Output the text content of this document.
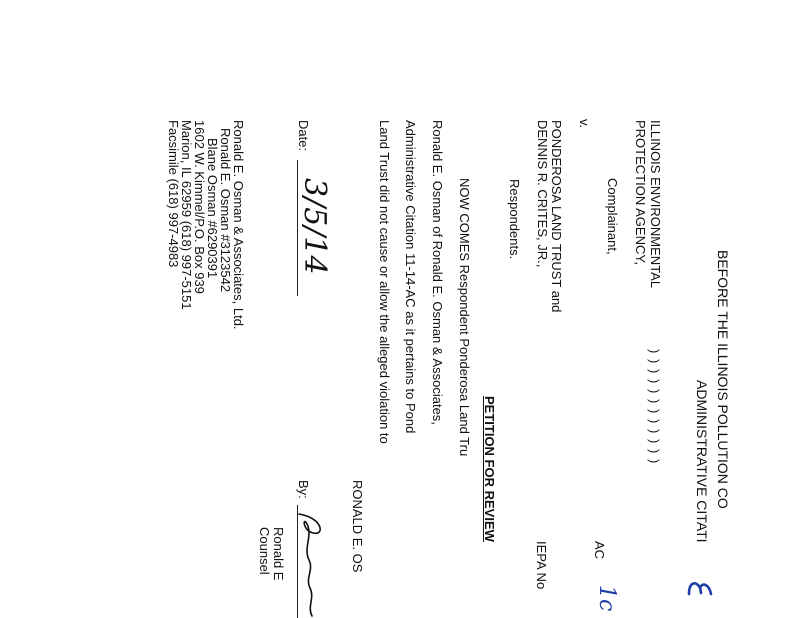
BEFORE THE ILLINOIS POLLUTION CO
ADMINISTRATIVE CITATI
ILLINOIS ENVIRONMENTAL
PROTECTION AGENCY,
Complainant,
v.
PONDEROSA LAND TRUST and
DENNIS R. CRITES, JR.,
Respondents.
)
)
)
)
)
)
)
)
)
)
)
)
AC
1c
IEPA No
PETITION FOR REVIEW
NOW COMES Respondent Ponderosa Land Tru
Ronald E. Osman of Ronald E. Osman & Associates,
Administrative Citation 11-14-AC as it pertains to Pond
Land Trust did not cause or allow the alleged violation to
RONALD E. OS
Date:
3/5/14
By:
Ronald E
Counsel
Ronald E. Osman & Associates, Ltd.
Ronald E. Osman #3123542
Blane Osman #6290391
1602 W. Kimmel/P.O. Box 939
Marion, IL 62959 (618) 997-5151
Facsimile (618) 997-4983
